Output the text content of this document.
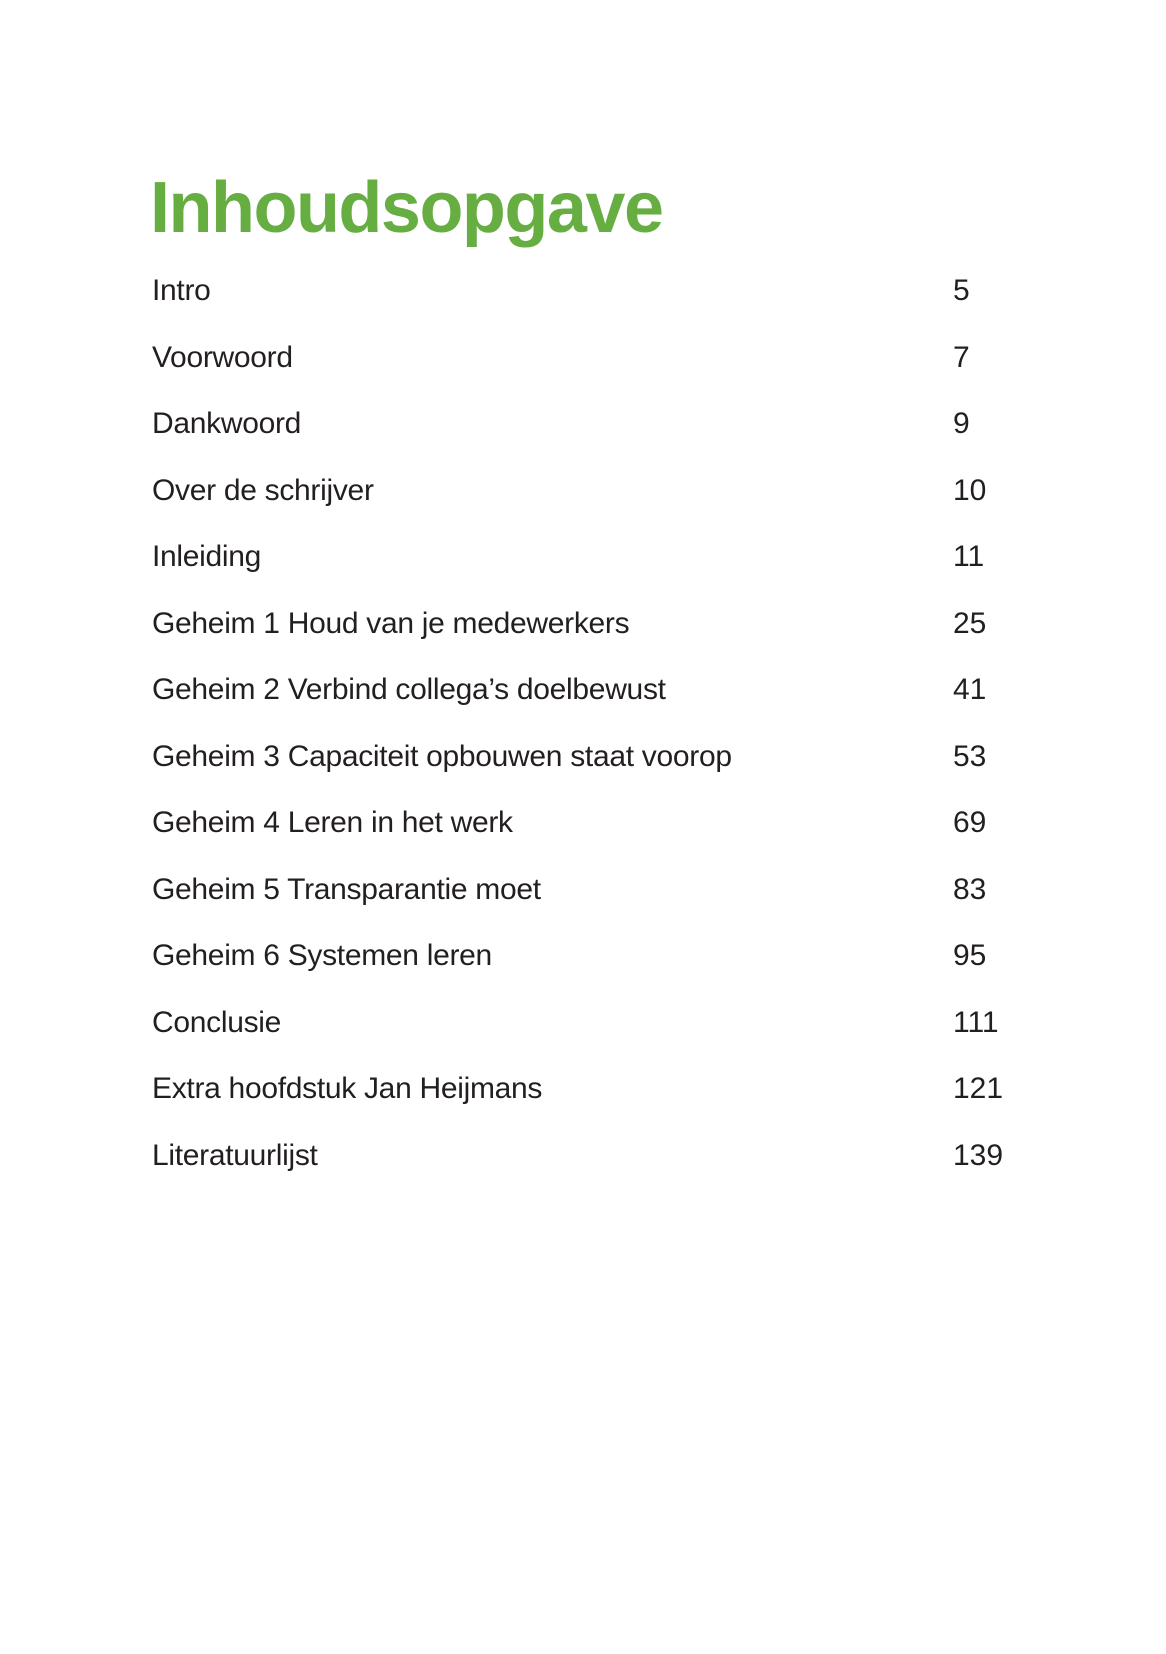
Inhoudsopgave
Intro	5
Voorwoord	7
Dankwoord	9
Over de schrijver	10
Inleiding	11
Geheim 1 Houd van je medewerkers	25
Geheim 2 Verbind collega’s doelbewust	41
Geheim 3 Capaciteit opbouwen staat voorop	53
Geheim 4 Leren in het werk	69
Geheim 5 Transparantie moet	83
Geheim 6 Systemen leren	95
Conclusie	111
Extra hoofdstuk Jan Heijmans	121
Literatuurlijst	139
